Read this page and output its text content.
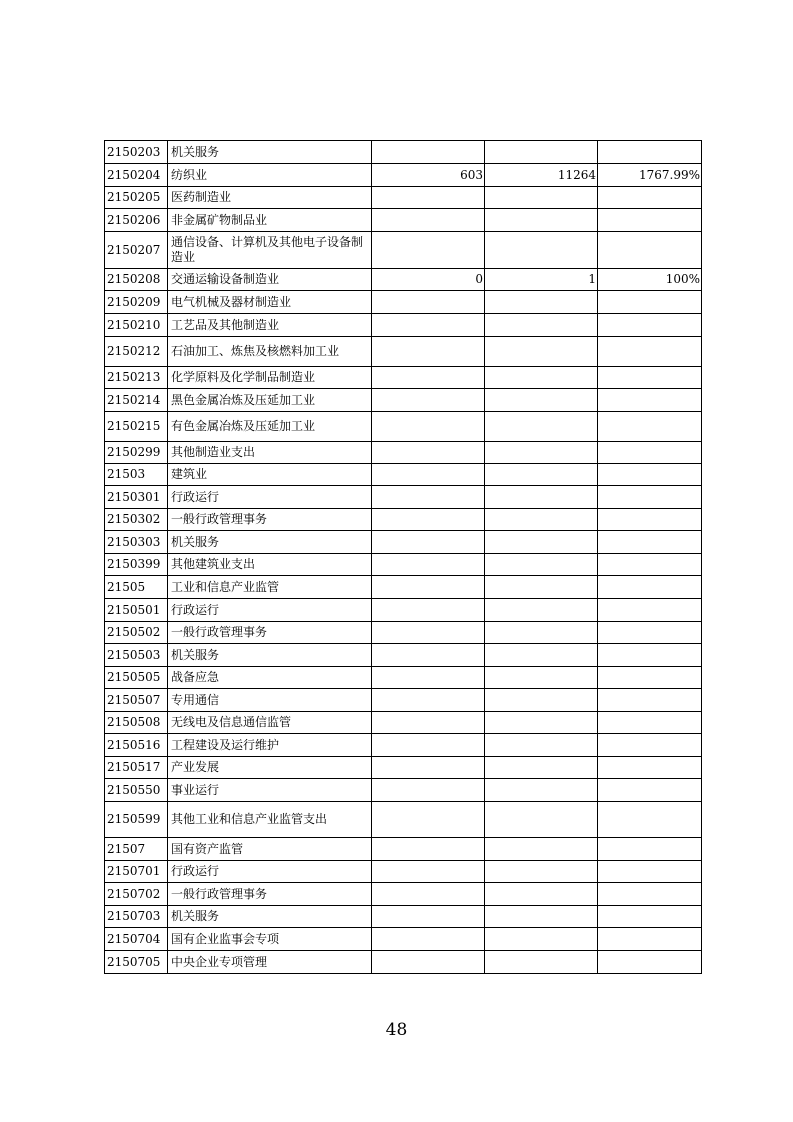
2150203	机关服务			
2150204	纺织业	603	11264	1767.99%
2150205	医药制造业			
2150206	非金属矿物制品业			
2150207	通信设备、计算机及其他电子设备制造业			
2150208	交通运输设备制造业	0	1	100%
2150209	电气机械及器材制造业			
2150210	工艺品及其他制造业			
2150212	石油加工、炼焦及核燃料加工业			
2150213	化学原料及化学制品制造业			
2150214	黑色金属冶炼及压延加工业			
2150215	有色金属冶炼及压延加工业			
2150299	其他制造业支出			
21503	建筑业			
2150301	行政运行			
2150302	一般行政管理事务			
2150303	机关服务			
2150399	其他建筑业支出			
21505	工业和信息产业监管			
2150501	行政运行			
2150502	一般行政管理事务			
2150503	机关服务			
2150505	战备应急			
2150507	专用通信			
2150508	无线电及信息通信监管			
2150516	工程建设及运行维护			
2150517	产业发展			
2150550	事业运行			
2150599	其他工业和信息产业监管支出			
21507	国有资产监管			
2150701	行政运行			
2150702	一般行政管理事务			
2150703	机关服务			
2150704	国有企业监事会专项			
2150705	中央企业专项管理			
48
